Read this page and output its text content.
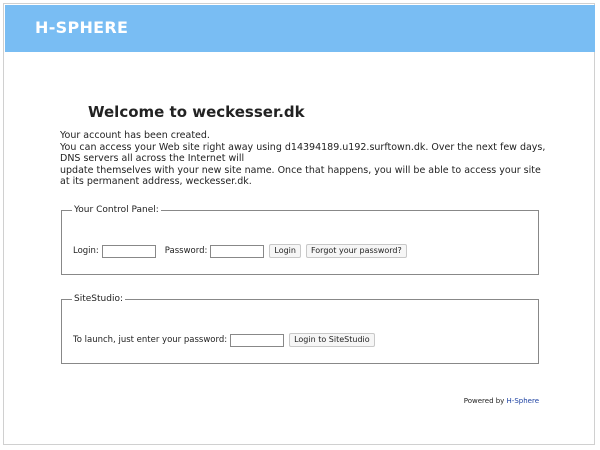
H-SPHERE
Welcome to weckesser.dk
Your account has been created.
You can access your Web site right away using d14394189.u192.surftown.dk. Over the next few days,
DNS servers all across the Internet will
update themselves with your new site name. Once that happens, you will be able to access your site
at its permanent address, weckesser.dk.
Your Control Panel:
Login:	Password:	Login	Forgot your password?
SiteStudio:
To launch, just enter your password:	Login to SiteStudio
Powered by H-Sphere
